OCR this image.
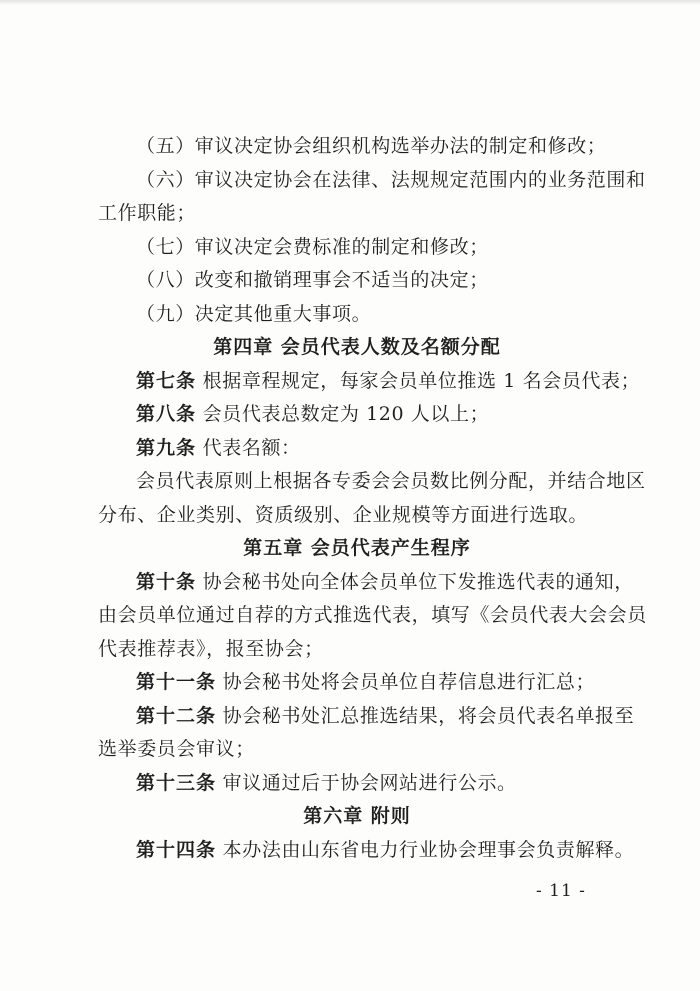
（五）审议决定协会组织机构选举办法的制定和修改；
（六）审议决定协会在法律、法规规定范围内的业务范围和
工作职能；
（七）审议决定会费标准的制定和修改；
（八）改变和撤销理事会不适当的决定；
（九）决定其他重大事项。
第四章 会员代表人数及名额分配
第七条 根据章程规定，每家会员单位推选 1 名会员代表；
第八条 会员代表总数定为 120 人以上；
第九条 代表名额：
会员代表原则上根据各专委会会员数比例分配，并结合地区
分布、企业类别、资质级别、企业规模等方面进行选取。
第五章 会员代表产生程序
第十条 协会秘书处向全体会员单位下发推选代表的通知，
由会员单位通过自荐的方式推选代表，填写《会员代表大会会员
代表推荐表》，报至协会；
第十一条 协会秘书处将会员单位自荐信息进行汇总；
第十二条 协会秘书处汇总推选结果，将会员代表名单报至
选举委员会审议；
第十三条 审议通过后于协会网站进行公示。
第六章 附则
第十四条 本办法由山东省电力行业协会理事会负责解释。
- 11 -
